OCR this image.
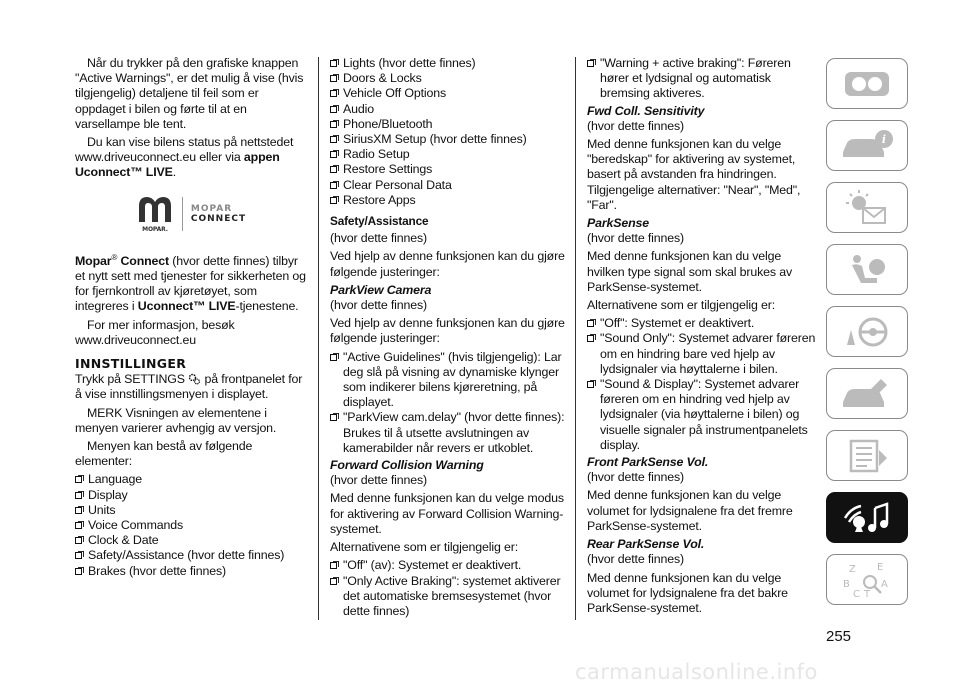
Når du trykker på den grafiske knappen "Active Warnings", er det mulig å vise (hvis tilgjengelig) detaljene til feil som er oppdaget i bilen og førte til at en varsellampe ble tent.

Du kan vise bilens status på nettstedet www.driveuconnect.eu eller via appen Uconnect™ LIVE.

MOPAR.
MOPAR
CONNECT

Mopar® Connect (hvor dette finnes) tilbyr et nytt sett med tjenester for sikkerheten og for fjernkontroll av kjøretøyet, som integreres i Uconnect™ LIVE-tjenestene.

For mer informasjon, besøk www.driveuconnect.eu

INNSTILLINGER

Trykk på SETTINGS på frontpanelet for å vise innstillingsmenyen i displayet.

MERK Visningen av elementene i menyen varierer avhengig av versjon.

Menyen kan bestå av følgende elementer:

Language
Display
Units
Voice Commands
Clock & Date
Safety/Assistance (hvor dette finnes)
Brakes (hvor dette finnes)
Lights (hvor dette finnes)
Doors & Locks
Vehicle Off Options
Audio
Phone/Bluetooth
SiriusXM Setup (hvor dette finnes)
Radio Setup
Restore Settings
Clear Personal Data
Restore Apps
Safety/Assistance

(hvor dette finnes)

Ved hjelp av denne funksjonen kan du gjøre følgende justeringer:

ParkView Camera

(hvor dette finnes)

Ved hjelp av denne funksjonen kan du gjøre følgende justeringer:

"Active Guidelines" (hvis tilgjengelig): Lar deg slå på visning av dynamiske klynger som indikerer bilens kjøreretning, på displayet.
"ParkView cam.delay" (hvor dette finnes): Brukes til å utsette avslutningen av kamerabilder når revers er utkoblet.
Forward Collision Warning

(hvor dette finnes)

Med denne funksjonen kan du velge modus for aktivering av Forward Collision Warning-systemet.

Alternativene som er tilgjengelig er:

"Off" (av): Systemet er deaktivert.
"Only Active Braking": systemet aktiverer det automatiske bremsesystemet (hvor dette finnes)
"Warning + active braking": Føreren hører et lydsignal og automatisk bremsing aktiveres.
Fwd Coll. Sensitivity

(hvor dette finnes)

Med denne funksjonen kan du velge "beredskap" for aktivering av systemet, basert på avstanden fra hindringen. Tilgjengelige alternativer: "Near", "Med", "Far".

ParkSense

(hvor dette finnes)

Med denne funksjonen kan du velge hvilken type signal som skal brukes av ParkSense-systemet.

Alternativene som er tilgjengelig er:

"Off": Systemet er deaktivert.
"Sound Only": Systemet advarer føreren om en hindring bare ved hjelp av lydsignaler via høyttalerne i bilen.
"Sound & Display": Systemet advarer føreren om en hindring ved hjelp av lydsignaler (via høyttalerne i bilen) og visuelle signaler på instrumentpanelets display.
Front ParkSense Vol.

(hvor dette finnes)

Med denne funksjonen kan du velge volumet for lydsignalene fra det fremre ParkSense-systemet.

Rear ParkSense Vol.

(hvor dette finnes)

Med denne funksjonen kan du velge volumet for lydsignalene fra det bakre ParkSense-systemet.

i
Z E
B	A
C T
255
carmanualsonline.info
